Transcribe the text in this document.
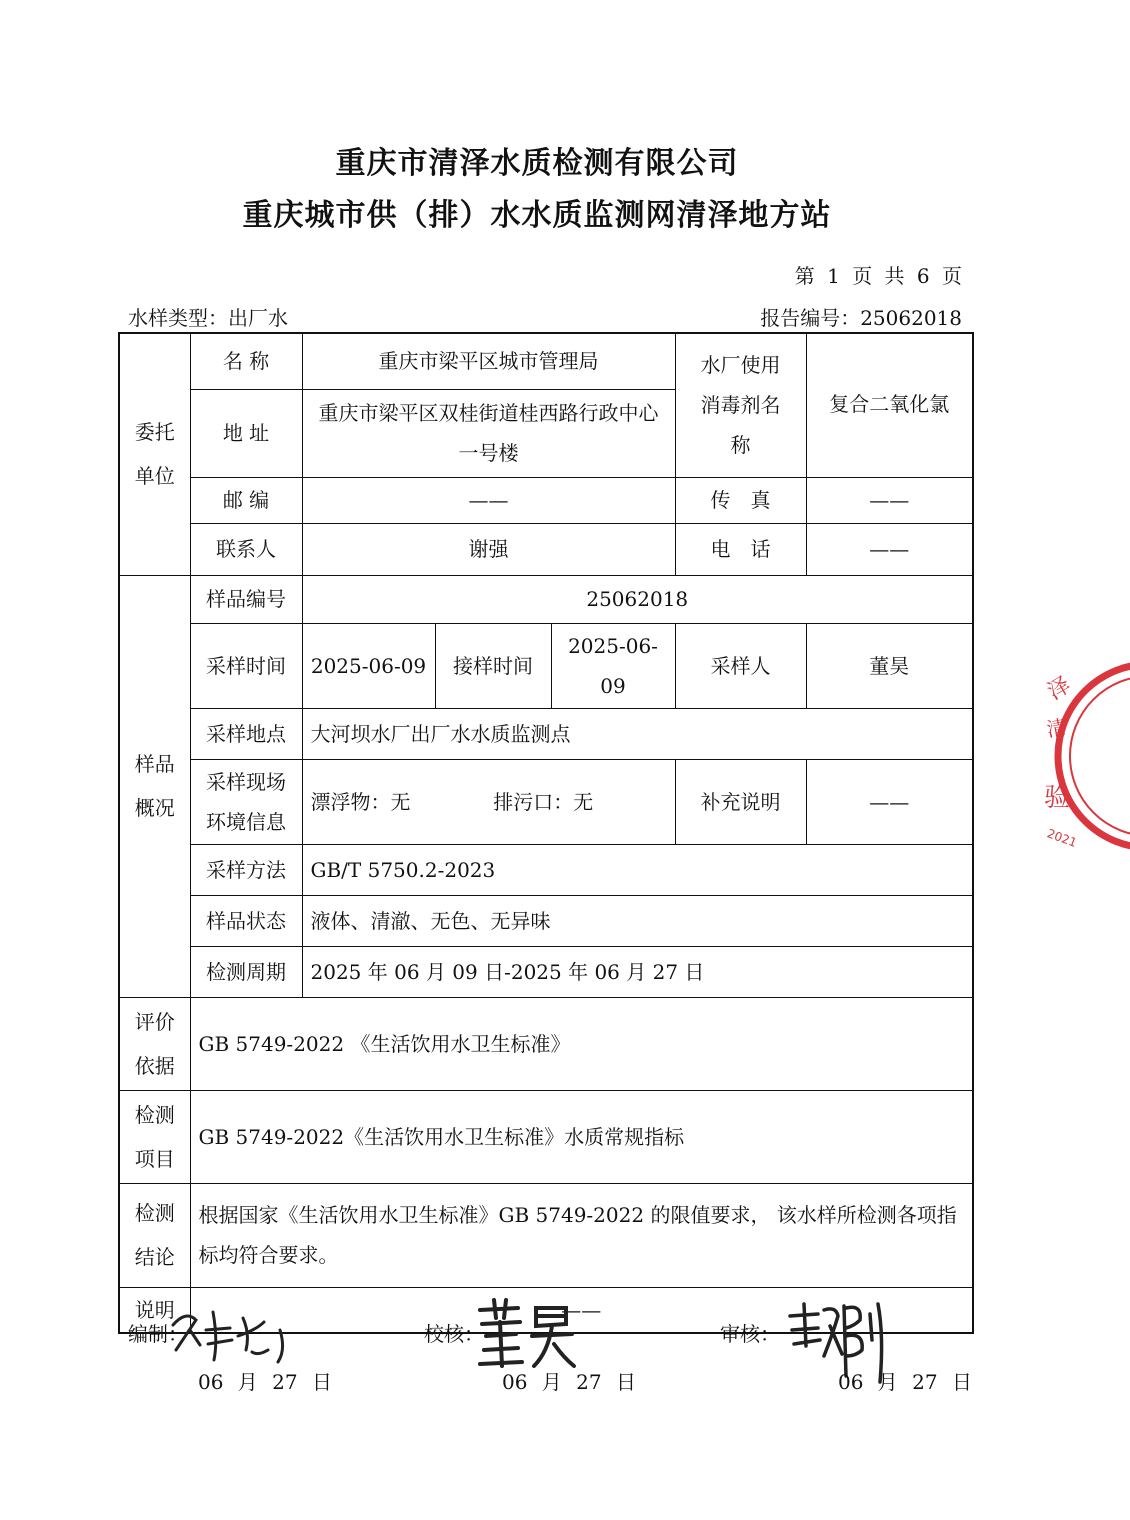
重庆市清泽水质检测有限公司
重庆城市供（排）水水质监测网清泽地方站
第 1 页 共 6 页
水样类型：出厂水	报告编号：25062018
委托单位	名 称	重庆市梁平区城市管理局			水厂使用消毒剂名称	复合二氧化氯
	地 址	重庆市梁平区双桂街道桂西路行政中心一号楼				
	邮 编	——			传　真	——
	联系人	谢强			电　话	——

样品概况	样品编号	25062018				
	采样时间	2025-06-09	接样时间	2025-06-09	采样人	董昊
	采样地点	大河坝水厂出厂水水质监测点				

	采样现场环境信息	漂浮物：无 排污口：无			补充说明	——
	采样方法	GB/T 5750.2-2023				
	样品状态	液体、清澈、无色、无异味				
	检测周期	2025 年 06 月 09 日-2025 年 06 月 27 日				

评价依据	GB 5749-2022 《生活饮用水卫生标准》					

检测项目	GB 5749-2022《生活饮用水卫生标准》水质常规指标					

检测结论	根据国家《生活饮用水卫生标准》GB 5749-2022 的限值要求， 该水样所检测各项指标均符合要求。					
说明	——					
编制：
06 月 27 日
校核：
06 月 27 日
审核：
06 月 27 日
泽
清
验
2021
